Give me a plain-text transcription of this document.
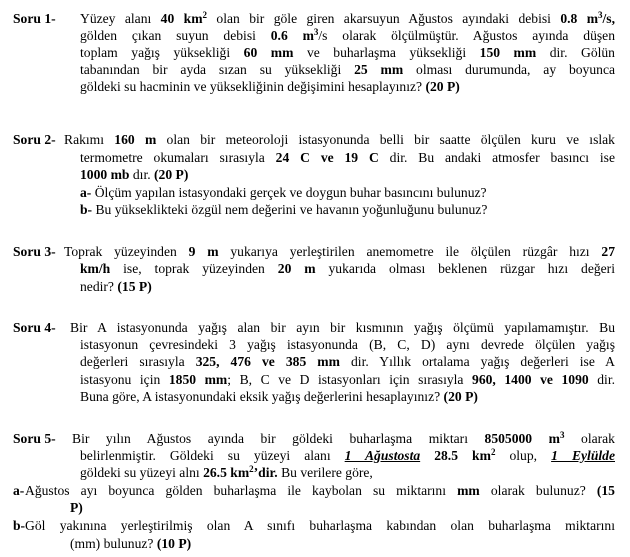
Soru 1- Yüzey alanı 40 $km^2$ olan bir göle giren akarsuyun Ağustos ayındaki debisi 0.8 $m^3/s$,
gölden çıkan suyun debisi 0.6 $m^3/s$ olarak ölçülmüştür. Ağustos ayında düşen
toplam yağış yüksekliği 60 mm ve buharlaşma yüksekliği 150 mm dir. Gölün
tabanından bir ayda sızan su yüksekliği 25 mm olması durumunda, ay boyunca
göldeki su hacminin ve yüksekliğinin değişimini hesaplayınız? (20 P)
Soru 2- Rakımı 160 m olan bir meteoroloji istasyonunda belli bir saatte ölçülen kuru ve ıslak
termometre okumaları sırasıyla 24 C ve 19 C dir. Bu andaki atmosfer basıncı ise
1000 mb dır. (20 P)
a- Ölçüm yapılan istasyondaki gerçek ve doygun buhar basıncını bulunuz?
b- Bu yükseklikteki özgül nem değerini ve havanın yoğunluğunu bulunuz?
Soru 3- Toprak yüzeyinden 9 m yukarıya yerleştirilen anemometre ile ölçülen rüzgâr hızı 27
km/h ise, toprak yüzeyinden 20 m yukarıda olması beklenen rüzgar hızı değeri
nedir? (15 P)
Soru 4- Bir A istasyonunda yağış alan bir ayın bir kısmının yağış ölçümü yapılamamıştır. Bu
istasyonun çevresindeki 3 yağış istasyonunda (B, C, D) aynı devrede ölçülen yağış
değerleri sırasıyla 325, 476 ve 385 mm dir. Yıllık ortalama yağış değerleri ise A
istasyonu için 1850 mm; B, C ve D istasyonları için sırasıyla 960, 1400 ve 1090 dir.
Buna göre, A istasyonundaki eksik yağış değerlerini hesaplayınız? (20 P)
Soru 5- Bir yılın Ağustos ayında bir göldeki buharlaşma miktarı 8505000 $m^3$ olarak
belirlenmiştir. Göldeki su yüzeyi alanı 1 Ağustosta 28.5 $km^2$ olup, 1 Eylülde
göldeki su yüzeyi alnı 26.5 $km^2’dir$. Bu verilere göre,
a- Ağustos ayı boyunca gölden buharlaşma ile kaybolan su miktarını mm olarak bulunuz? (15
P)
b- Göl yakınına yerleştirilmiş olan A sınıfı buharlaşma kabından olan buharlaşma miktarını
(mm) bulunuz? (10 P)
